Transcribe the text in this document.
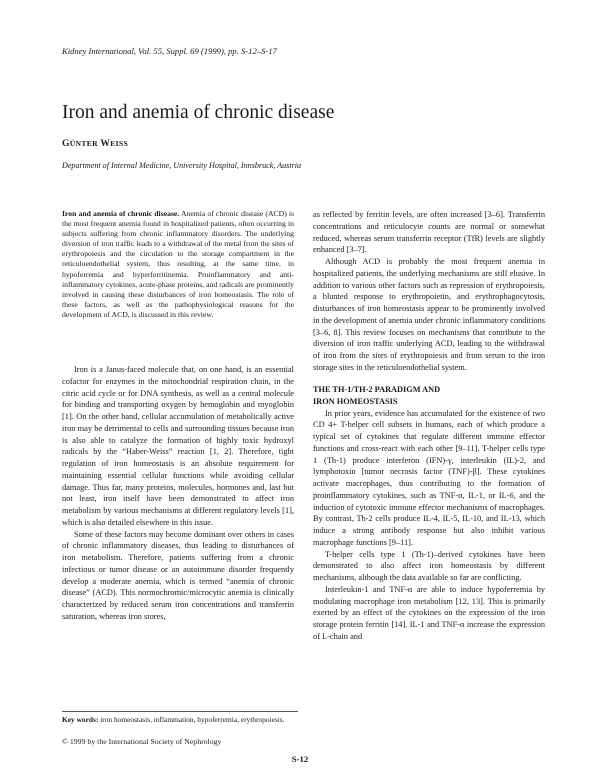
Kidney International, Vol. 55, Suppl. 69 (1999), pp. S-12–S-17
Iron and anemia of chronic disease
GÜNTER WEISS
Department of Internal Medicine, University Hospital, Innsbruck, Austria

Iron and anemia of chronic disease. Anemia of chronic disease (ACD) is the most frequent anemia found in hospitalized patients, often occurring in subjects suffering from chronic inflammatory disorders. The underlying diversion of iron traffic leads to a withdrawal of the metal from the sites of erythropoiesis and the circulation to the storage compartment in the reticuloendothelial system, thus resulting, at the same time, in hypoferremia and hyperferritinemia. Proinflammatory and anti-inflammatory cytokines, acute-phase proteins, and radicals are prominently involved in causing these disturbances of iron homeostasis. The role of these factors, as well as the pathophysiological reasons for the development of ACD, is discussed in this review.

Iron is a Janus-faced molecule that, on one hand, is an essential cofactor for enzymes in the mitochondrial respiration chain, in the citric acid cycle or for DNA synthesis, as well as a central molecule for binding and transporting oxygen by hemoglobin and myoglobin [1]. On the other hand, cellular accumulation of metabolically active iron may be detrimental to cells and surrounding tissues because iron is also able to catalyze the formation of highly toxic hydroxyl radicals by the “Haber-Weiss” reaction [1, 2]. Therefore, tight regulation of iron homeostasis is an absolute requirement for maintaining essential cellular functions while avoiding cellular damage. Thus far, many proteins, molecules, hormones and, last but not least, iron itself have been demonstrated to affect iron metabolism by various mechanisms at different regulatory levels [1], which is also detailed elsewhere in this issue.

Some of these factors may become dominant over others in cases of chronic inflammatory diseases, thus leading to disturbances of iron metabolism. Therefore, patients suffering from a chronic infectious or tumor disease or an autoimmune disorder frequently develop a moderate anemia, which is termed “anemia of chronic disease” (ACD). This normochromic/microcytic anemia is clinically characterized by reduced serum iron concentrations and transferrin saturation, whereas iron stores,

as reflected by ferritin levels, are often increased [3–6]. Transferrin concentrations and reticulocyte counts are normal or somewhat reduced, whereas serum transferrin receptor (TfR) levels are slightly enhanced [3–7].

Although ACD is probably the most frequent anemia in hospitalized patients, the underlying mechanisms are still elusive. In addition to various other factors such as repression of erythropoiesis, a blunted response to erythropoietin, and erythrophagocytosis, disturbances of iron homeostasis appear to be prominently involved in the development of anemia under chronic inflammatory conditions [3–6, 8]. This review focuses on mechanisms that contribute to the diversion of iron traffic underlying ACD, leading to the withdrawal of iron from the sites of erythropoiesis and from serum to the iron storage sites in the reticuloendothelial system.

THE TH-1/TH-2 PARADIGM AND
IRON HOMEOSTASIS

In prior years, evidence has accumulated for the existence of two CD 4+ T-helper cell subsets in humans, each of which produce a typical set of cytokines that regulate different immune effector functions and cross-react with each other [9–11]. T-helper cells type 1 (Th-1) produce interferon (IFN)-γ, interleukin (IL)-2, and lymphotoxin [tumor necrosis factor (TNF)-β]. These cytokines activate macrophages, thus contributing to the formation of proinflammatory cytokines, such as TNF-α, IL-1, or IL-6, and the induction of cytotoxic immune effector mechanisms of macrophages. By contrast, Th-2 cells produce IL-4, IL-5, IL-10, and IL-13, which induce a strong antibody response but also inhibit various macrophage functions [9–11].

T-helper cells type 1 (Th-1)–derived cytokines have been demonstrated to also affect iron homeostasis by different mechanisms, although the data available so far are conflicting.

Interleukin-1 and TNF-α are able to induce hypoferremia by modulating macrophage iron metabolism [12, 13]. This is primarily exerted by an effect of the cytokines on the expression of the iron storage protein ferritin [14]. IL-1 and TNF-α increase the expression of L-chain and

Key words: iron homeostasis, inflammation, hypoferremia, erythropoiesis.
© 1999 by the International Society of Nephrology
S-12
